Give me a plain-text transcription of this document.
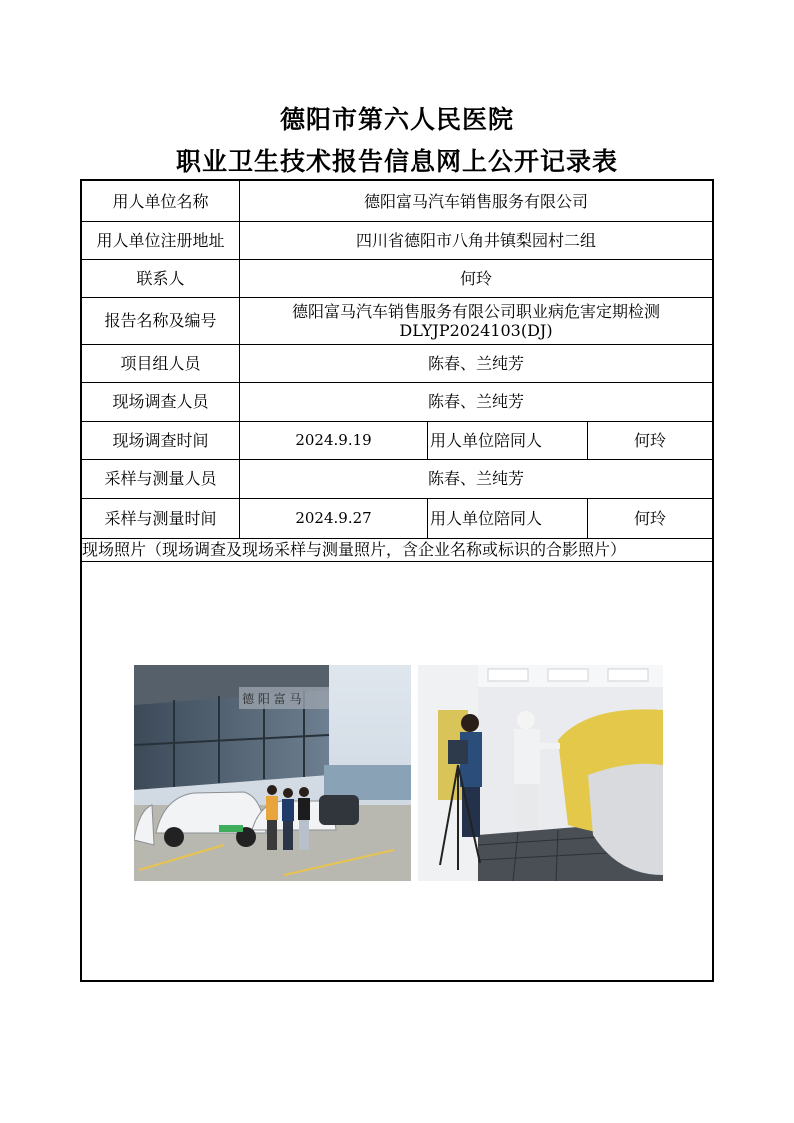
德阳市第六人民医院
职业卫生技术报告信息网上公开记录表
用人单位名称	德阳富马汽车销售服务有限公司
用人单位注册地址	四川省德阳市八角井镇梨园村二组
联系人	何玲
报告名称及编号	德阳富马汽车销售服务有限公司职业病危害定期检测
DLYJP2024103(DJ)
项目组人员	陈春、兰纯芳
现场调查人员	陈春、兰纯芳
现场调查时间	2024.9.19	用人单位陪同人	何玲
采样与测量人员	陈春、兰纯芳
采样与测量时间	2024.9.27	用人单位陪同人	何玲
现场照片（现场调查及现场采样与测量照片，含企业名称或标识的合影照片）
德 阳 富 马
